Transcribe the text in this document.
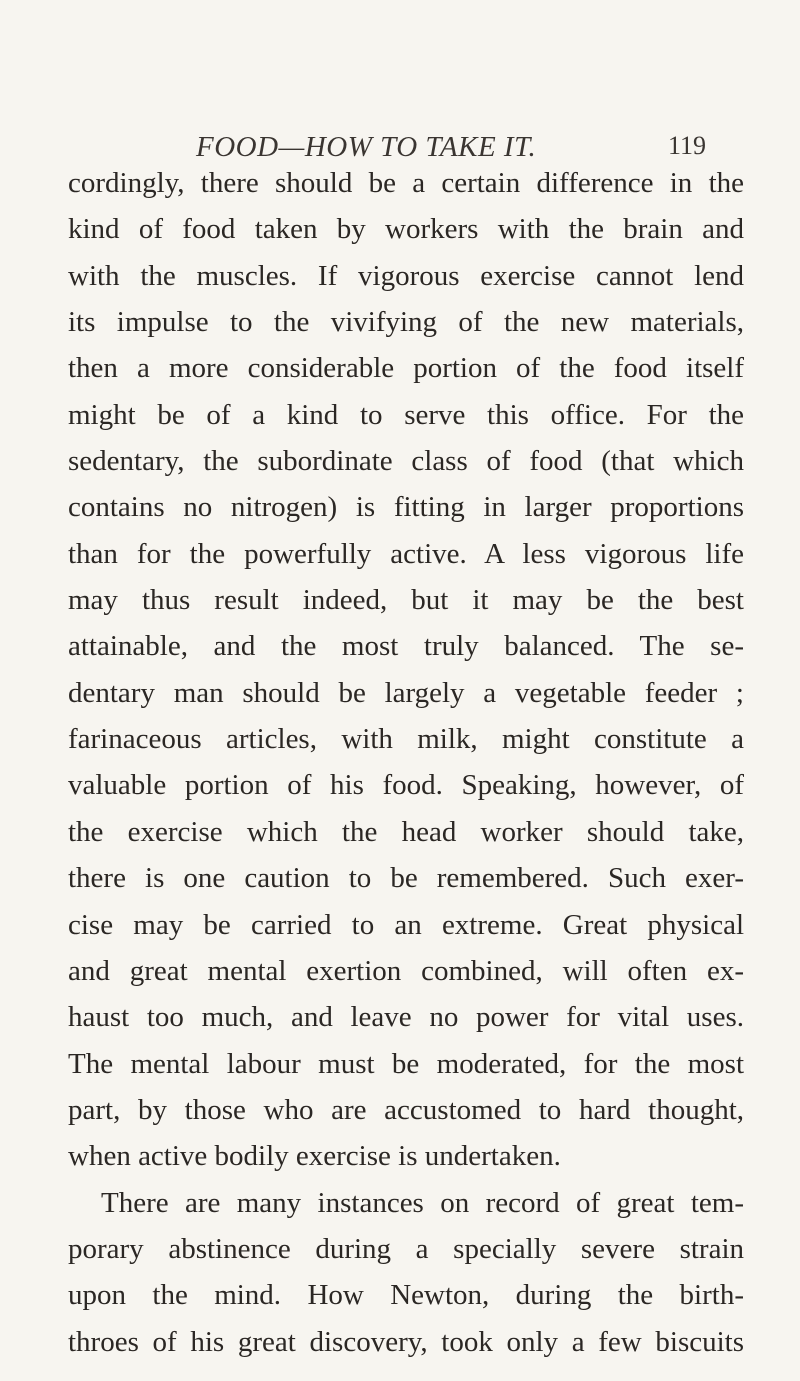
FOOD—HOW TO TAKE IT.	119
cordingly, there should be a certain difference in the
kind of food taken by workers with the brain and
with the muscles. If vigorous exercise cannot lend
its impulse to the vivifying of the new materials,
then a more considerable portion of the food itself
might be of a kind to serve this office. For the
sedentary, the subordinate class of food (that which
contains no nitrogen) is fitting in larger proportions
than for the powerfully active. A less vigorous life
may thus result indeed, but it may be the best
attainable, and the most truly balanced. The se-
dentary man should be largely a vegetable feeder ;
farinaceous articles, with milk, might constitute a
valuable portion of his food. Speaking, however, of
the exercise which the head worker should take,
there is one caution to be remembered. Such exer-
cise may be carried to an extreme. Great physical
and great mental exertion combined, will often ex-
haust too much, and leave no power for vital uses.
The mental labour must be moderated, for the most
part, by those who are accustomed to hard thought,
when active bodily exercise is undertaken.
There are many instances on record of great tem-
porary abstinence during a specially severe strain
upon the mind. How Newton, during the birth-
throes of his great discovery, took only a few biscuits
